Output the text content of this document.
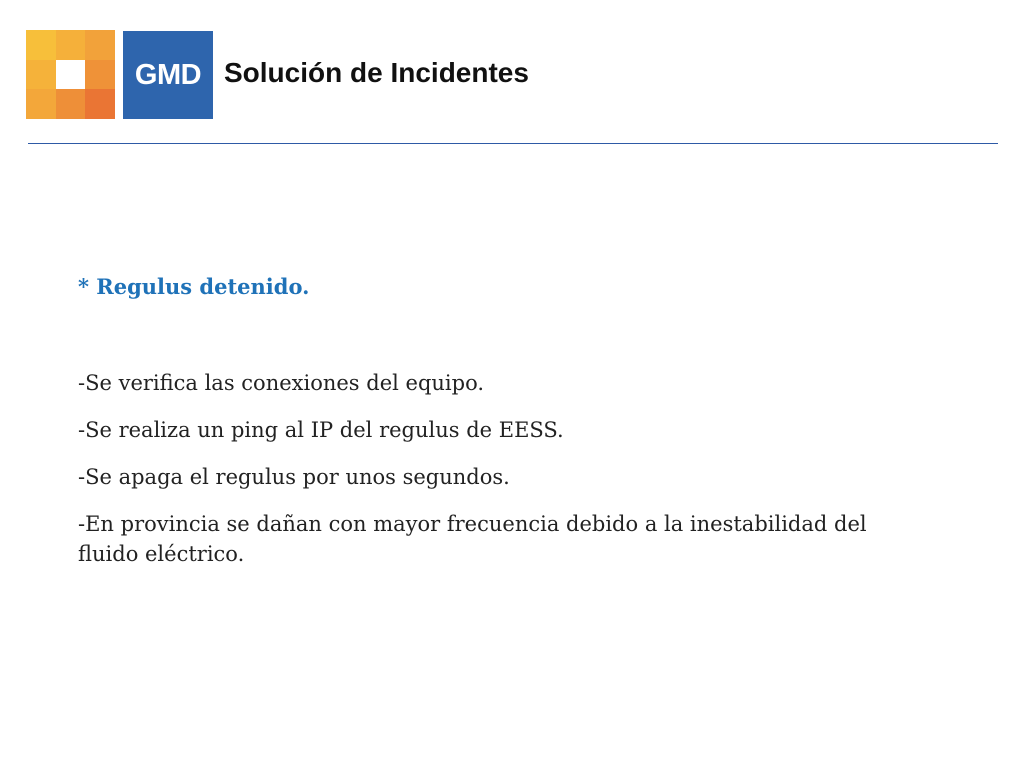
GMD Solución de Incidentes

* Regulus detenido.

-Se verifica las conexiones del equipo.
-Se realiza un ping al IP del regulus de EESS.
-Se apaga el regulus por unos segundos.
-En provincia se dañan con mayor frecuencia debido a la inestabilidad del fluido eléctrico.
